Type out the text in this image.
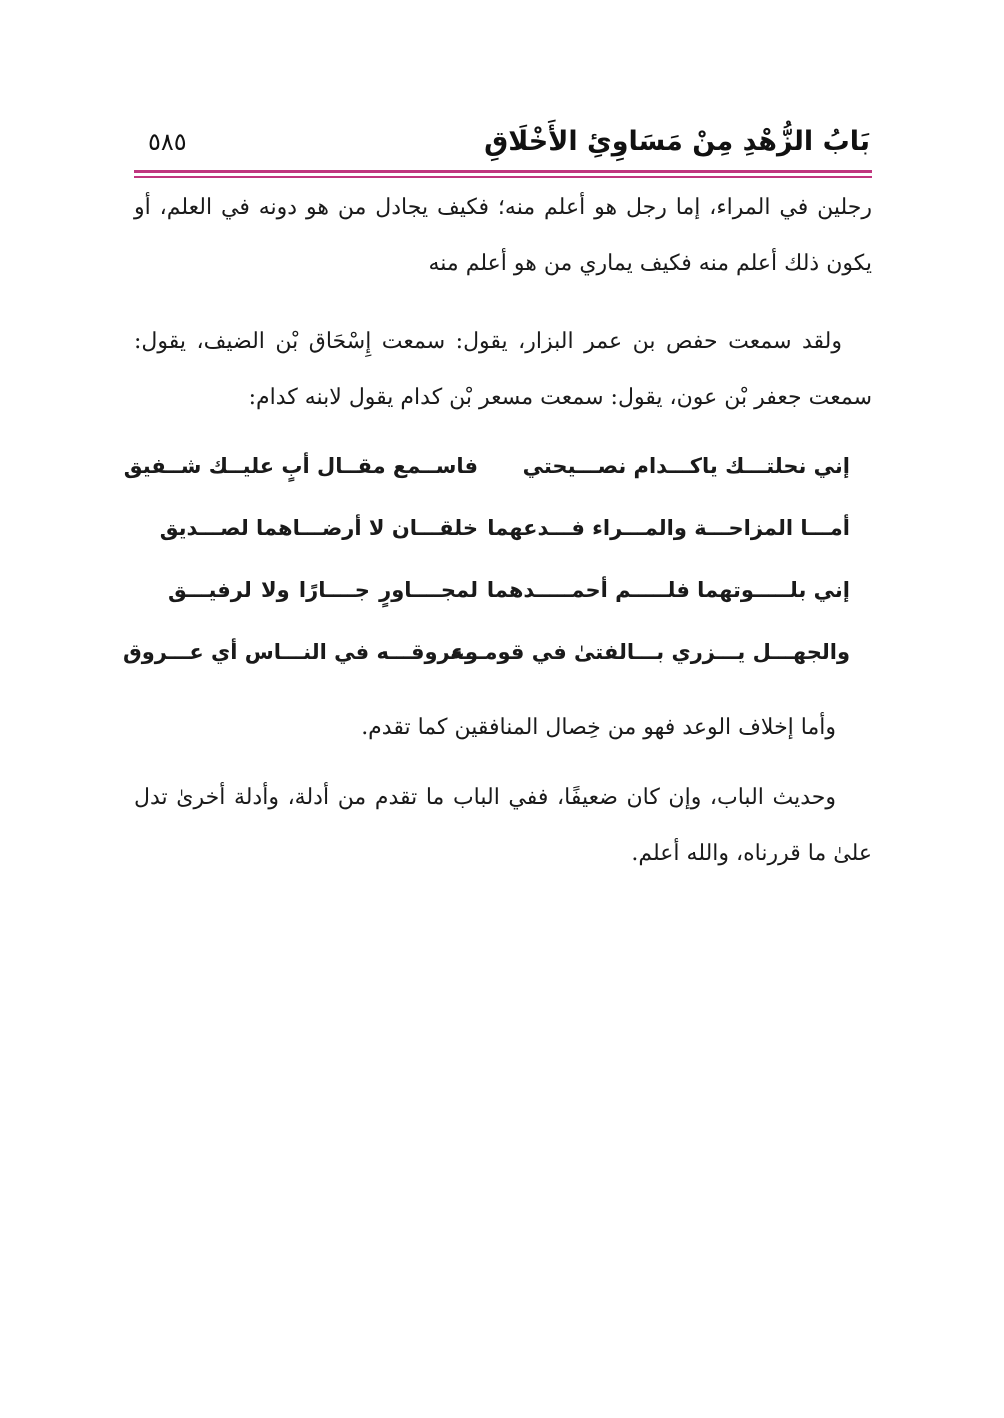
بَابُ الزُّهْدِ مِنْ مَسَاوِئِ الأَخْلَاقِ
٥٨٥

رجلين في المراء، إما رجل هو أعلم منه؛ فكيف يجادل من هو دونه في العلم، أو يكون ذلك أعلم منه فكيف يماري من هو أعلم منه

ولقد سمعت حفص بن عمر البزار، يقول: سمعت إِسْحَاق بْن الضيف، يقول: سمعت جعفر بْن عون، يقول: سمعت مسعر بْن كدام يقول لابنه كدام:

إني نحلتـــك ياكـــدام نصـــيحتي
فاســمع مقــال أبٍ عليــك شــفيق
أمـــا المزاحـــة والمـــراء فـــدعهما
خلقـــان لا أرضـــاهما لصـــديق
إني بلـــــوتهما فلـــــم أحمـــــدهما
لمجــــاورٍ جــــارًا ولا لرفيـــق
والجهـــل يـــزري بـــالفتىٰ في قومـــه
وعروقـــه في النـــاس أي عـــروق

وأما إخلاف الوعد فهو من خِصال المنافقين كما تقدم.

وحديث الباب، وإن كان ضعيفًا، ففي الباب ما تقدم من أدلة، وأدلة أخرىٰ تدل علىٰ ما قررناه، والله أعلم.
